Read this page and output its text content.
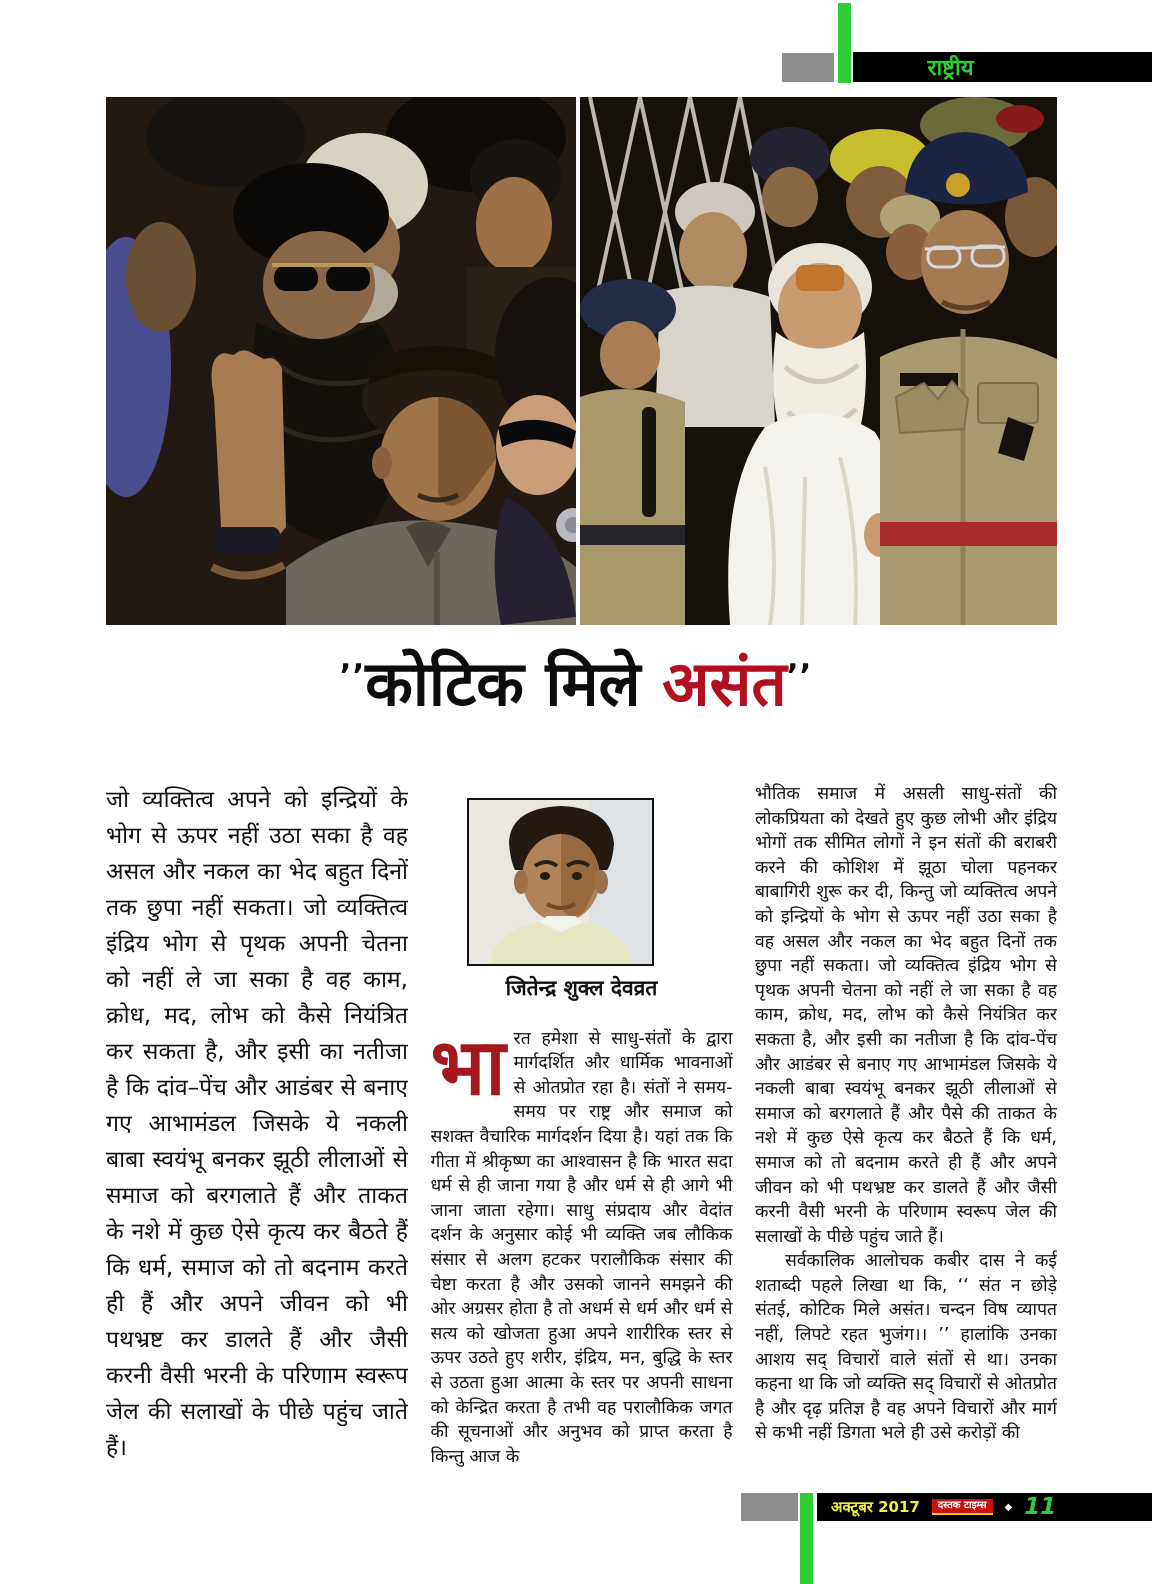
राष्ट्रीय
’’कोटिक मिले असंत’’
जो व्यक्तित्व अपने को इन्द्रियों के भोग से ऊपर नहीं उठा सका है वह असल और नकल का भेद बहुत दिनों तक छुपा नहीं सकता। जो व्यक्तित्व इंद्रिय भोग से पृथक अपनी चेतना को नहीं ले जा सका है वह काम, क्रोध, मद, लोभ को कैसे नियंत्रित कर सकता है, और इसी का नतीजा है कि दांव–पेंच और आडंबर से बनाए गए आभामंडल जिसके ये नकली बाबा स्वयंभू बनकर झूठी लीलाओं से समाज को बरगलाते हैं और ताकत के नशे में कुछ ऐसे कृत्य कर बैठते हैं कि धर्म, समाज को तो बदनाम करते ही हैं और अपने जीवन को भी पथभ्रष्ट कर डालते हैं और जैसी करनी वैसी भरनी के परिणाम स्वरूप जेल की सलाखों के पीछे पहुंच जाते हैं।

जितेन्द्र शुक्ल देवव्रत

भारत हमेशा से साधु-संतों के द्वारा मार्गदर्शित और धार्मिक भावनाओं से ओतप्रोत रहा है। संतों ने समय-समय पर राष्ट्र और समाज को सशक्त वैचारिक मार्गदर्शन दिया है। यहां तक कि गीता में श्रीकृष्ण का आश्वासन है कि भारत सदा धर्म से ही जाना गया है और धर्म से ही आगे भी जाना जाता रहेगा। साधु संप्रदाय और वेदांत दर्शन के अनुसार कोई भी व्यक्ति जब लौकिक संसार से अलग हटकर परालौकिक संसार की चेष्टा करता है और उसको जानने समझने की ओर अग्रसर होता है तो अधर्म से धर्म और धर्म से सत्य को खोजता हुआ अपने शारीरिक स्तर से ऊपर उठते हुए शरीर, इंद्रिय, मन, बुद्धि के स्तर से उठता हुआ आत्मा के स्तर पर अपनी साधना को केन्द्रित करता है तभी वह परालौकिक जगत की सूचनाओं और अनुभव को प्राप्त करता है किन्तु आज के

भौतिक समाज में असली साधु-संतों की लोकप्रियता को देखते हुए कुछ लोभी और इंद्रिय भोगों तक सीमित लोगों ने इन संतों की बराबरी करने की कोशिश में झूठा चोला पहनकर बाबागिरी शुरू कर दी, किन्तु जो व्यक्तित्व अपने को इन्द्रियों के भोग से ऊपर नहीं उठा सका है वह असल और नकल का भेद बहुत दिनों तक छुपा नहीं सकता। जो व्यक्तित्व इंद्रिय भोग से पृथक अपनी चेतना को नहीं ले जा सका है वह काम, क्रोध, मद, लोभ को कैसे नियंत्रित कर सकता है, और इसी का नतीजा है कि दांव-पेंच और आडंबर से बनाए गए आभामंडल जिसके ये नकली बाबा स्वयंभू बनकर झूठी लीलाओं से समाज को बरगलाते हैं और पैसे की ताकत के नशे में कुछ ऐसे कृत्य कर बैठते हैं कि धर्म, समाज को तो बदनाम करते ही हैं और अपने जीवन को भी पथभ्रष्ट कर डालते हैं और जैसी करनी वैसी भरनी के परिणाम स्वरूप जेल की सलाखों के पीछे पहुंच जाते हैं।

सर्वकालिक आलोचक कबीर दास ने कई शताब्दी पहले लिखा था कि, ‘‘ संत न छोड़े संतई, कोटिक मिले असंत। चन्दन विष व्यापत नहीं, लिपटे रहत भुजंग।। ’’ हालांकि उनका आशय सद् विचारों वाले संतों से था। उनका कहना था कि जो व्यक्ति सद् विचारों से ओतप्रोत है और दृढ़ प्रतिज्ञ है वह अपने विचारों और मार्ग से कभी नहीं डिगता भले ही उसे करोड़ों की

अक्टूबर 2017	दस्तक टाइम्स	◆ 11
